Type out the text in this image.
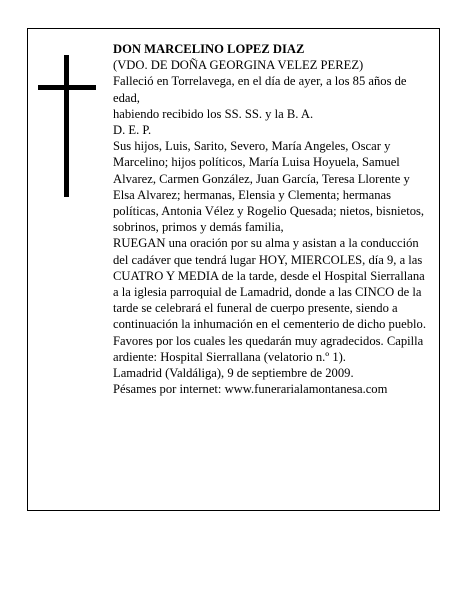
DON MARCELINO LOPEZ DIAZ

(VDO. DE DOÑA GEORGINA VELEZ PEREZ)

Falleció en Torrelavega, en el día de ayer, a los 85 años de edad,

habiendo recibido los SS. SS. y la B. A.

D. E. P.

Sus hijos, Luis, Sarito, Severo, María Angeles, Oscar y Marcelino; hijos políticos, María Luisa Hoyuela, Samuel Alvarez, Carmen González, Juan García, Teresa Llorente y Elsa Alvarez; hermanas, Elensia y Clementa; hermanas políticas, Antonia Vélez y Rogelio Quesada; nietos, bisnietos, sobrinos, primos y demás familia,

RUEGAN una oración por su alma y asistan a la conducción del cadáver que tendrá lugar HOY, MIERCOLES, día 9, a las CUATRO Y MEDIA de la tarde, desde el Hospital Sierrallana a la iglesia parroquial de Lamadrid, donde a las CINCO de la tarde se celebrará el funeral de cuerpo presente, siendo a continuación la inhumación en el cementerio de dicho pueblo. Favores por los cuales les quedarán muy agradecidos. Capilla ardiente: Hospital Sierrallana (velatorio n.º 1).

Lamadrid (Valdáliga), 9 de septiembre de 2009.

Pésames por internet: www.funerarialamontanesa.com
